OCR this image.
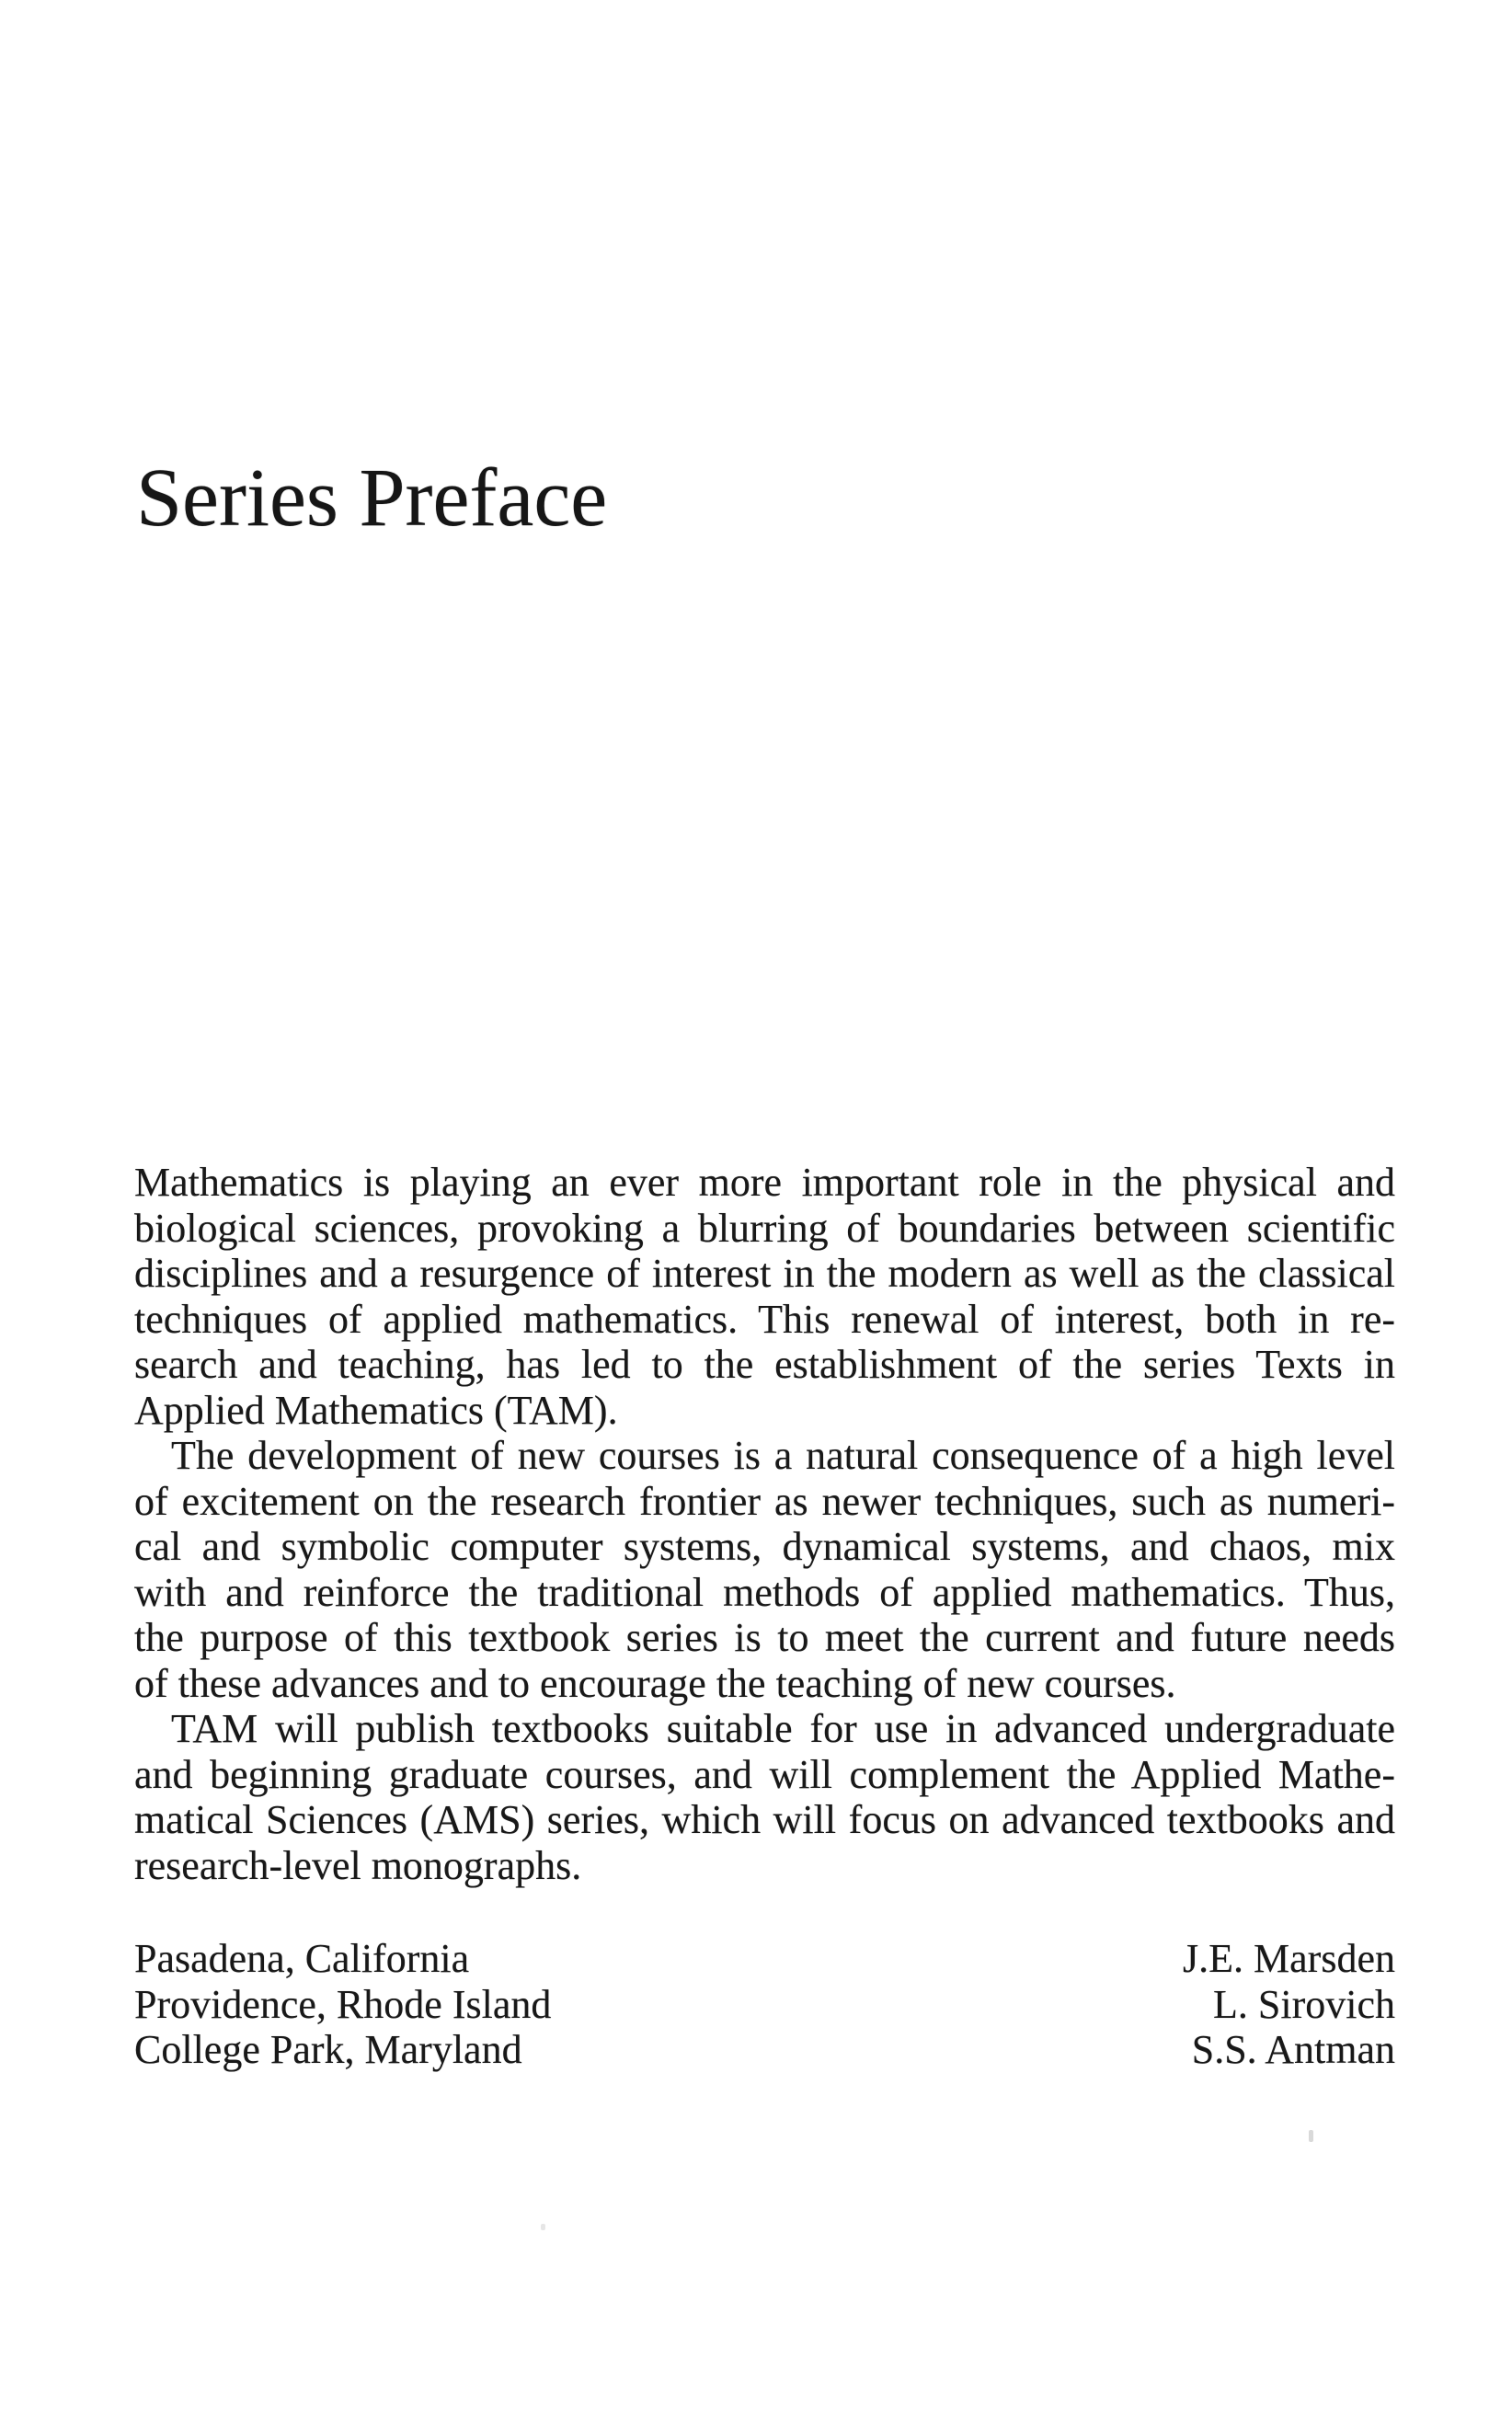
Series Preface
Mathematics is playing an ever more important role in the physical and
biological sciences, provoking a blurring of boundaries between scientific
disciplines and a resurgence of interest in the modern as well as the classical
techniques of applied mathematics. This renewal of interest, both in re-
search and teaching, has led to the establishment of the series Texts in
Applied Mathematics (TAM).
The development of new courses is a natural consequence of a high level
of excitement on the research frontier as newer techniques, such as numeri-
cal and symbolic computer systems, dynamical systems, and chaos, mix
with and reinforce the traditional methods of applied mathematics. Thus,
the purpose of this textbook series is to meet the current and future needs
of these advances and to encourage the teaching of new courses.
TAM will publish textbooks suitable for use in advanced undergraduate
and beginning graduate courses, and will complement the Applied Mathe-
matical Sciences (AMS) series, which will focus on advanced textbooks and
research-level monographs.
Pasadena, California	J.E. Marsden
Providence, Rhode Island	L. Sirovich
College Park, Maryland	S.S. Antman
